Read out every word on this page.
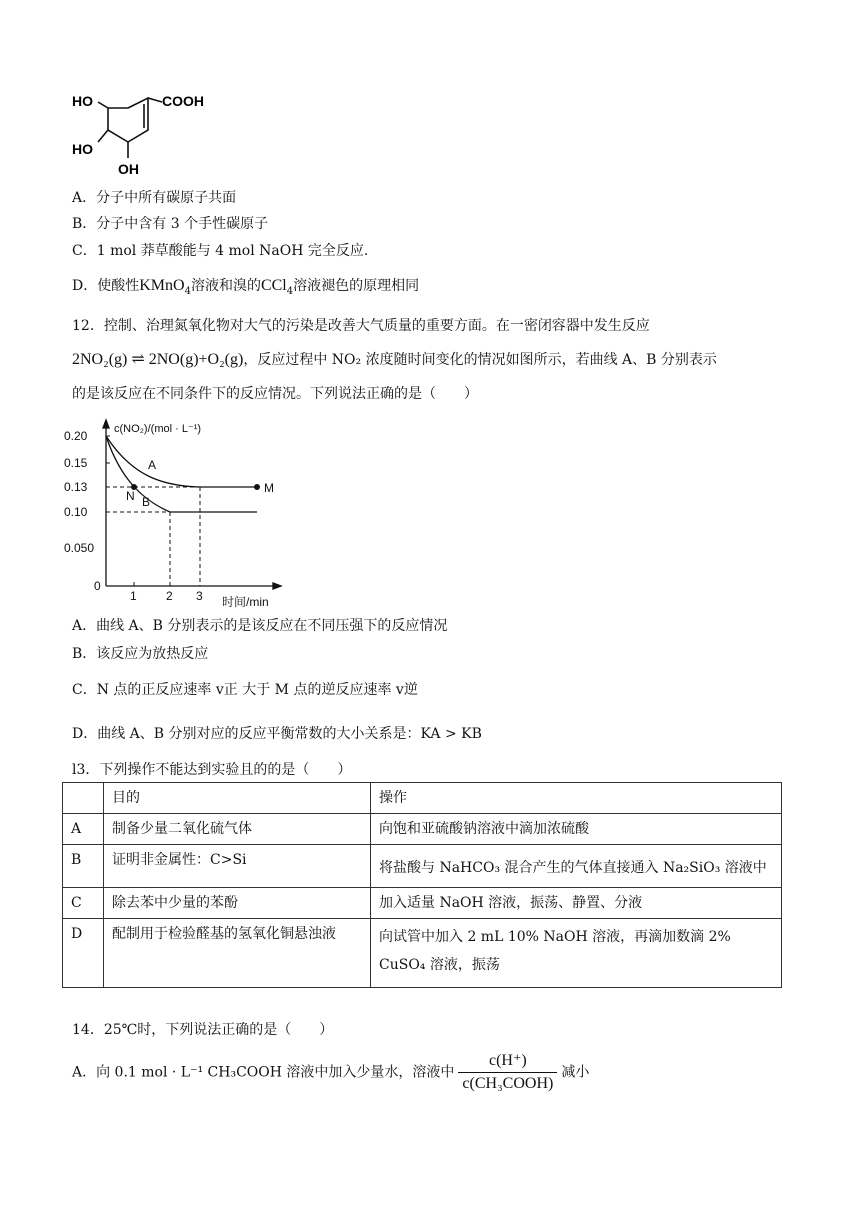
HO
HO
OH
COOH
A．分子中所有碳原子共面
B．分子中含有 3 个手性碳原子
C．1 mol 莽草酸能与 4 mol NaOH 完全反应.
D．使酸性KMnO$_4$溶液和溴的CCl$_4$溶液褪色的原理相同
12．控制、治理氮氧化物对大气的污染是改善大气质量的重要方面。在一密闭容器中发生反应
2NO₂(g) ⇌ 2NO(g)+O₂(g)，反应过程中 NO₂ 浓度随时间变化的情况如图所示，若曲线 A、B 分别表示
的是该反应在不同条件下的反应情况。下列说法正确的是（　　）
0.20
0.15
0.13
0.10
0.050
0
1 2 3 时间/min
c(NO₂)/(mol · L⁻¹)
A
B
N
M
A．曲线 A、B 分别表示的是该反应在不同压强下的反应情况
B．该反应为放热反应
C．N 点的正反应速率 v正 大于 M 点的逆反应速率 v逆
D．曲线 A、B 分别对应的反应平衡常数的大小关系是：KA > KB
l3．下列操作不能达到实验且的的是（　　）
	目的	操作
A	制备少量二氧化硫气体	向饱和亚硫酸钠溶液中滴加浓硫酸
B	证明非金属性：C>Si	将盐酸与 NaHCO₃ 混合产生的气体直接通入 Na₂SiO₃ 溶液中
C	除去苯中少量的苯酚	加入适量 NaOH 溶液，振荡、静置、分液
D	配制用于检验醛基的氢氧化铜悬浊液	向试管中加入 2 mL 10% NaOH 溶液，再滴加数滴 2% CuSO₄ 溶液，振荡
14．25℃时，下列说法正确的是（　　）
A．向 0.1 mol · L⁻¹ CH₃COOH 溶液中加入少量水，溶液中 $\frac{c(H^+)}{\text{c(CH₃COOH)}}$ 减小
